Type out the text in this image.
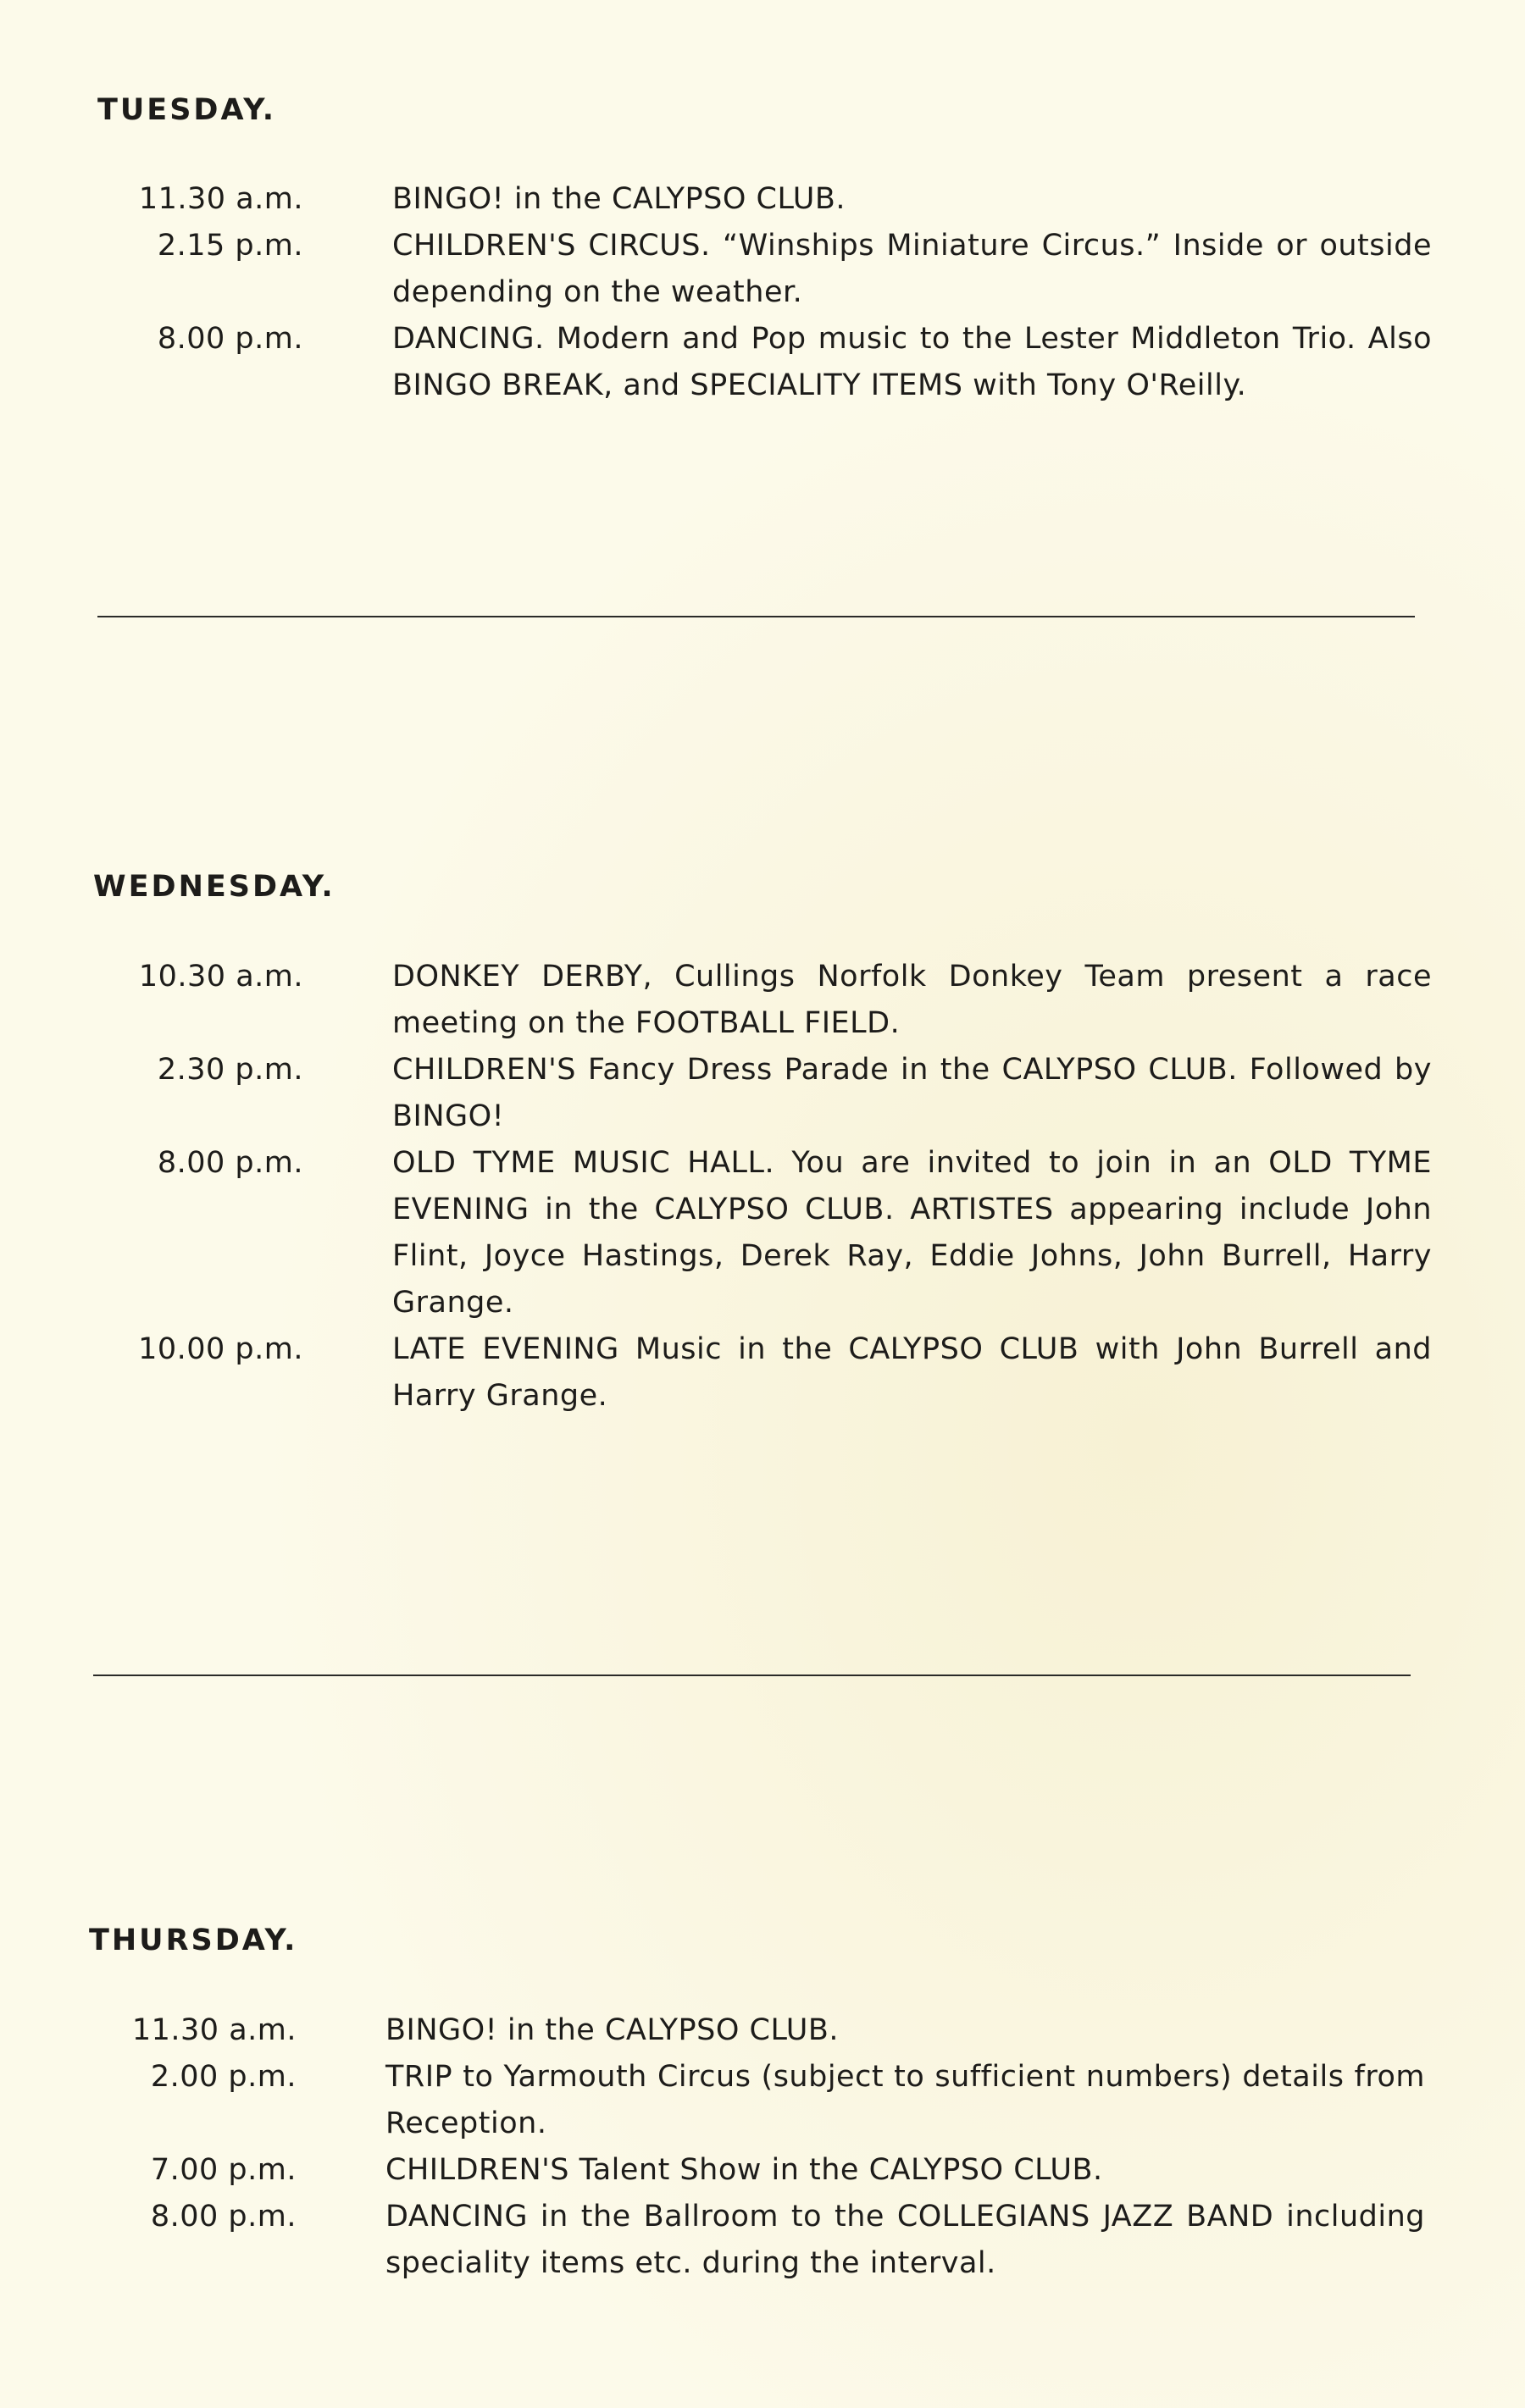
TUESDAY.
11.30 a.m.	BINGO! in the CALYPSO CLUB.
2.15 p.m.	CHILDREN'S CIRCUS. “Winships Miniature Circus.” Inside or outside depending on the weather.
8.00 p.m.	DANCING. Modern and Pop music to the Lester Middleton Trio. Also BINGO BREAK, and SPECIALITY ITEMS with Tony O'Reilly.
WEDNESDAY.
10.30 a.m.	DONKEY DERBY, Cullings Norfolk Donkey Team present a race meeting on the FOOTBALL FIELD.
2.30 p.m.	CHILDREN'S Fancy Dress Parade in the CALYPSO CLUB. Followed by BINGO!
8.00 p.m.	OLD TYME MUSIC HALL. You are invited to join in an OLD TYME EVENING in the CALYPSO CLUB. ARTISTES appearing include John Flint, Joyce Hastings, Derek Ray, Eddie Johns, John Burrell, Harry Grange.
10.00 p.m.	LATE EVENING Music in the CALYPSO CLUB with John Burrell and Harry Grange.
THURSDAY.
11.30 a.m.	BINGO! in the CALYPSO CLUB.
2.00 p.m.	TRIP to Yarmouth Circus (subject to sufficient numbers) details from Reception.
7.00 p.m.	CHILDREN'S Talent Show in the CALYPSO CLUB.
8.00 p.m.	DANCING in the Ballroom to the COLLEGIANS JAZZ BAND including speciality items etc. during the interval.
